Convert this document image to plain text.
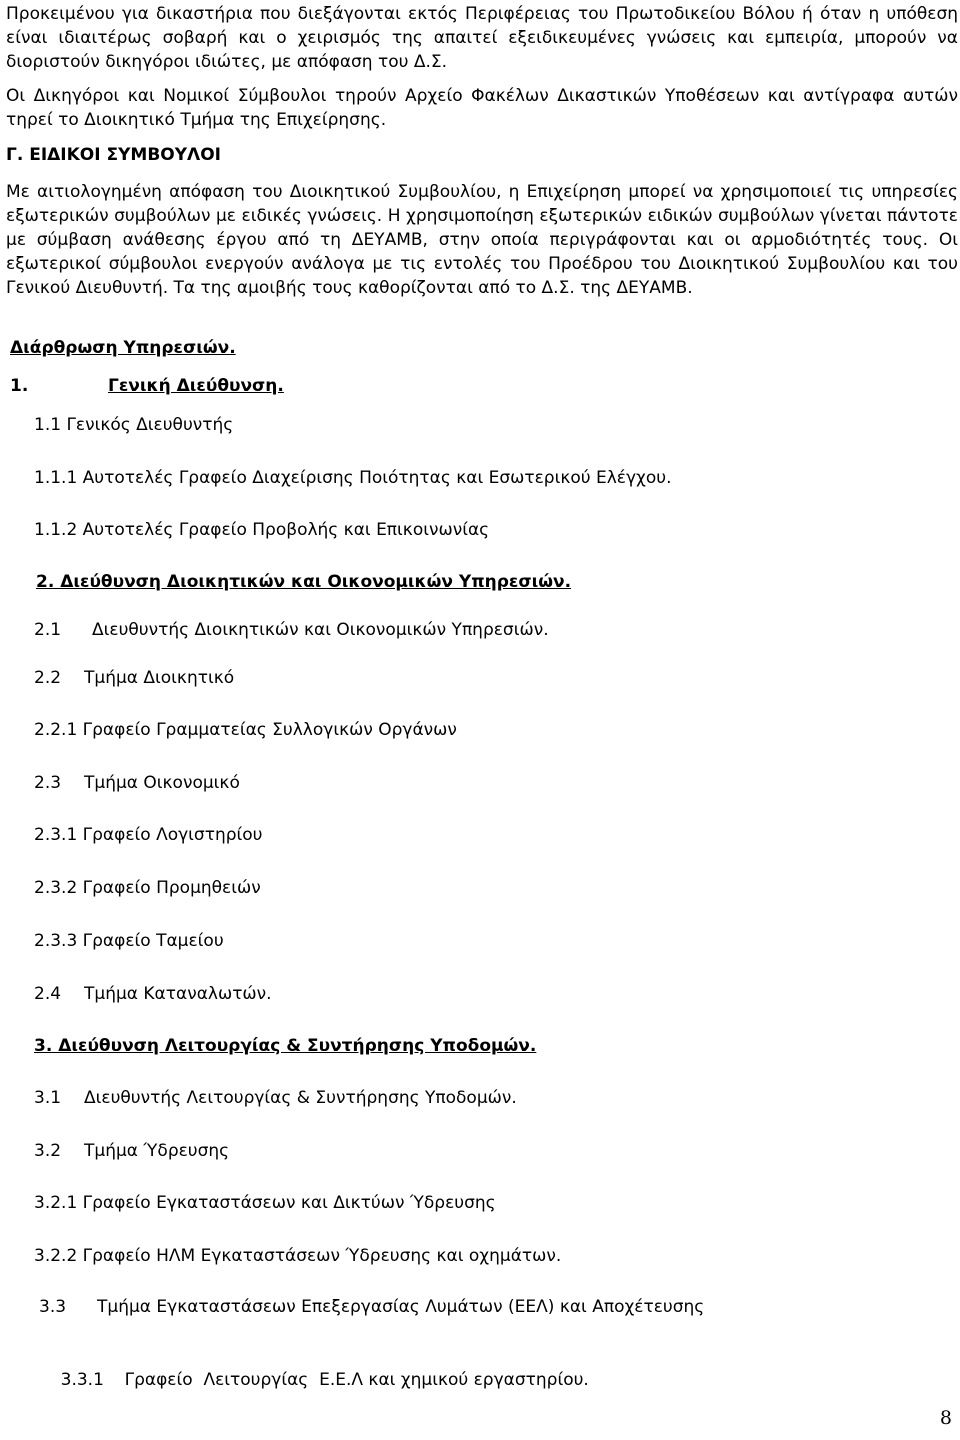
Προκειμένου για δικαστήρια που διεξάγονται εκτός Περιφέρειας του Πρωτοδικείου Βόλου ή όταν η υπόθεση είναι ιδιαιτέρως σοβαρή και ο χειρισμός της απαιτεί εξειδικευμένες γνώσεις και εμπειρία, μπορούν να διοριστούν δικηγόροι ιδιώτες, με απόφαση του Δ.Σ.
Οι Δικηγόροι και Νομικοί Σύμβουλοι τηρούν Αρχείο Φακέλων Δικαστικών Υποθέσεων και αντίγραφα αυτών τηρεί το Διοικητικό Τμήμα της Επιχείρησης.
Γ. ΕΙΔΙΚΟΙ ΣΥΜΒΟΥΛΟΙ
Με αιτιολογημένη απόφαση του Διοικητικού Συμβουλίου, η Επιχείρηση μπορεί να χρησιμοποιεί τις υπηρεσίες εξωτερικών συμβούλων με ειδικές γνώσεις. Η χρησιμοποίηση εξωτερικών ειδικών συμβούλων γίνεται πάντοτε με σύμβαση ανάθεσης έργου από τη ΔΕΥΑΜΒ, στην οποία περιγράφονται και οι αρμοδιότητές τους. Οι εξωτερικοί σύμβουλοι ενεργούν ανάλογα με τις εντολές του Προέδρου του Διοικητικού Συμβουλίου και του Γενικού Διευθυντή. Τα της αμοιβής τους καθορίζονται από το Δ.Σ. της ΔΕΥΑΜΒ.
Διάρθρωση Υπηρεσιών.
1.	Γενική Διεύθυνση.
1.1 Γενικός Διευθυντής
1.1.1 Αυτοτελές Γραφείο Διαχείρισης Ποιότητας και Εσωτερικού Ελέγχου.
1.1.2 Αυτοτελές Γραφείο Προβολής και Επικοινωνίας
2. Διεύθυνση Διοικητικών και Οικονομικών Υπηρεσιών.
2.1 Διευθυντής Διοικητικών και Οικονομικών Υπηρεσιών.
2.2 Τμήμα Διοικητικό
2.2.1 Γραφείο Γραμματείας Συλλογικών Οργάνων
2.3 Τμήμα Οικονομικό
2.3.1 Γραφείο Λογιστηρίου
2.3.2 Γραφείο Προμηθειών
2.3.3 Γραφείο Ταμείου
2.4 Τμήμα Καταναλωτών.
3. Διεύθυνση Λειτουργίας & Συντήρησης Υποδομών.
3.1 Διευθυντής Λειτουργίας & Συντήρησης Υποδομών.
3.2 Τμήμα Ύδρευσης
3.2.1 Γραφείο Εγκαταστάσεων και Δικτύων Ύδρευσης
3.2.2 Γραφείο ΗΛΜ Εγκαταστάσεων Ύδρευσης και οχημάτων.
3.3 Τμήμα Εγκαταστάσεων Επεξεργασίας Λυμάτων (ΕΕΛ) και Αποχέτευσης

3.3.1 Γραφείο  Λειτουργίας  Ε.Ε.Λ και χημικού εργαστηρίου.

8
